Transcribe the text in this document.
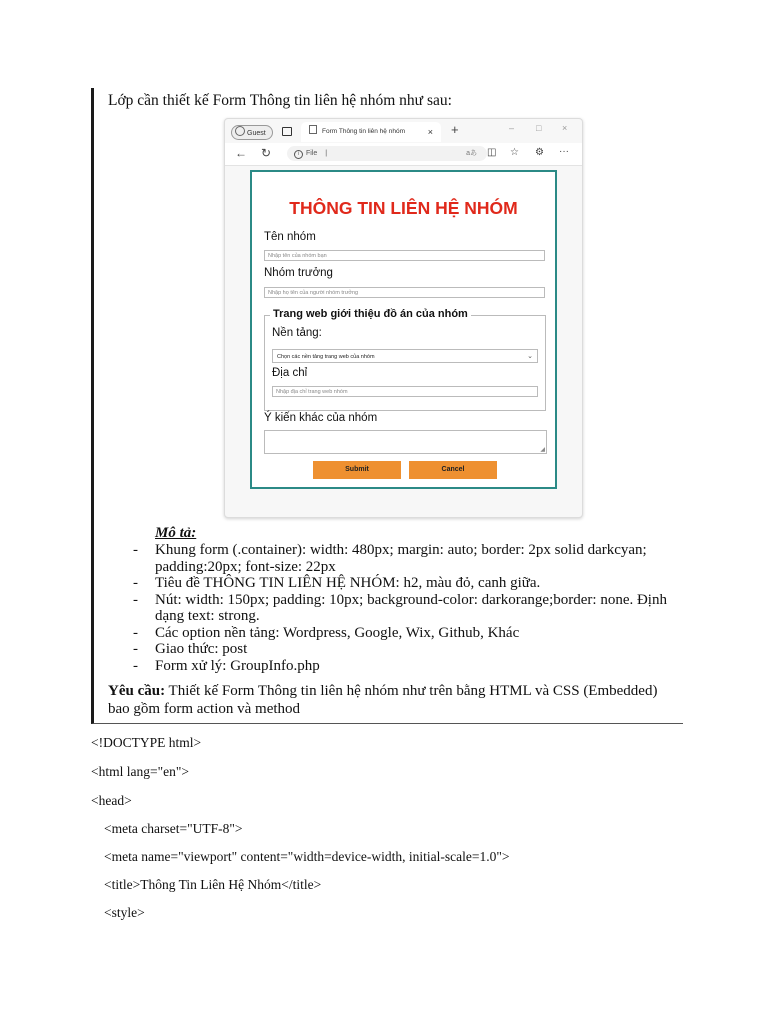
Lớp cần thiết kế Form Thông tin liên hệ nhóm như sau:
Guest	Form Thông tin liên hệ nhóm	× +	– □ ×
← ↻	i File |	aあ ◫ ☆ ⚙ ···
THÔNG TIN LIÊN HỆ NHÓM
Tên nhóm
Nhập tên của nhóm bạn
Nhóm trưởng
Nhập họ tên của người nhóm trưởng
Trang web giới thiệu đồ án của nhóm
Nền tảng:
Chọn các nền tảng trang web của nhóm	⌄
Địa chỉ
Nhập địa chỉ trang web nhóm
Ý kiến khác của nhóm
◢
Submit	Cancel
Mô tả:
- Khung form (.container): width: 480px; margin: auto; border: 2px solid darkcyan; padding:20px; font-size: 22px
- Tiêu đề THÔNG TIN LIÊN HỆ NHÓM: h2, màu đỏ, canh giữa.
- Nút: width: 150px; padding: 10px; background-color: darkorange;border: none. Định dạng text: strong.
- Các option nền tảng: Wordpress, Google, Wix, Github, Khác
- Giao thức: post
- Form xử lý: GroupInfo.php
Yêu cầu: Thiết kế Form Thông tin liên hệ nhóm như trên bằng HTML và CSS (Embedded) bao gồm form action và method
<!DOCTYPE html>
<html lang="en">
<head>
<meta charset="UTF-8">
<meta name="viewport" content="width=device-width, initial-scale=1.0">
<title>Thông Tin Liên Hệ Nhóm</title>
<style>
